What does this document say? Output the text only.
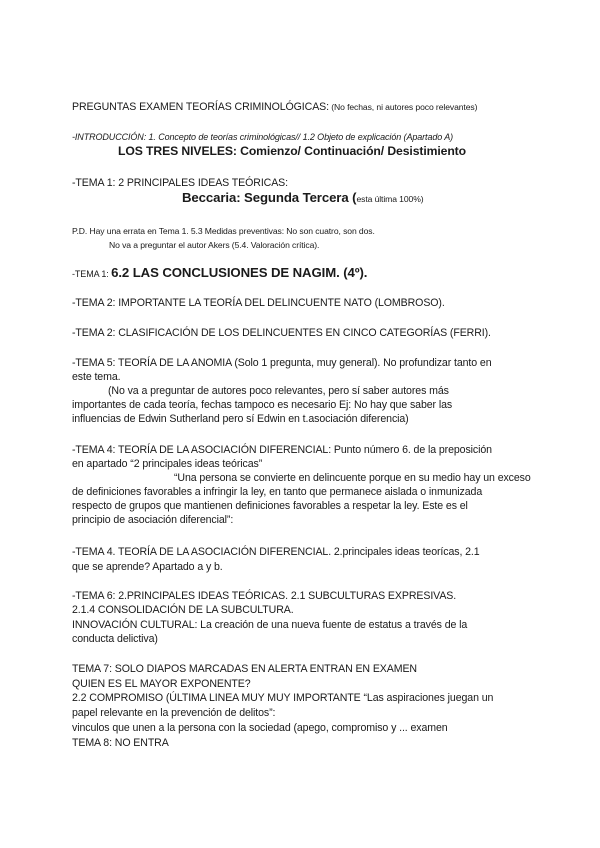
PREGUNTAS EXAMEN TEORÍAS CRIMINOLÓGICAS: (No fechas, ni autores poco relevantes)
-INTRODUCCIÓN: 1. Concepto de teorías criminológicas// 1.2 Objeto de explicación (Apartado A)
LOS TRES NIVELES: Comienzo/ Continuación/ Desistimiento
-TEMA 1: 2 PRINCIPALES IDEAS TEÓRICAS:
Beccaria: Segunda Tercera (esta última 100%)
P.D. Hay una errata en Tema 1. 5.3 Medidas preventivas: No son cuatro, son dos.
No va a preguntar el autor Akers (5.4. Valoración crítica).
-TEMA 1: 6.2 LAS CONCLUSIONES DE NAGIM. (4º).
-TEMA 2: IMPORTANTE LA TEORÍA DEL DELINCUENTE NATO (LOMBROSO).
-TEMA 2: CLASIFICACIÓN DE LOS DELINCUENTES EN CINCO CATEGORÍAS (FERRI).
-TEMA 5: TEORÍA DE LA ANOMIA (Solo 1 pregunta, muy general). No profundizar tanto en
este tema.
(No va a preguntar de autores poco relevantes, pero sí saber autores más
importantes de cada teoría, fechas tampoco es necesario Ej: No hay que saber las
influencias de Edwin Sutherland pero sí Edwin en t.asociación diferencia)
-TEMA 4: TEORÍA DE LA ASOCIACIÓN DIFERENCIAL: Punto número 6. de la preposición
en apartado “2 principales ideas teóricas”
“Una persona se convierte en delincuente porque en su medio hay un exceso
de definiciones favorables a infringir la ley, en tanto que permanece aislada o inmunizada
respecto de grupos que mantienen definiciones favorables a respetar la ley. Este es el
principio de asociación diferencial”:
-TEMA 4. TEORÍA DE LA ASOCIACIÓN DIFERENCIAL. 2.principales ideas teorícas, 2.1
que se aprende? Apartado a y b.
-TEMA 6: 2.PRINCIPALES IDEAS TEÓRICAS. 2.1 SUBCULTURAS EXPRESIVAS.
2.1.4 CONSOLIDACIÓN DE LA SUBCULTURA.
INNOVACIÓN CULTURAL: La creación de una nueva fuente de estatus a través de la
conducta delictiva)
TEMA 7: SOLO DIAPOS MARCADAS EN ALERTA ENTRAN EN EXAMEN
QUIEN ES EL MAYOR EXPONENTE?
2.2 COMPROMISO (ÚLTIMA LINEA MUY MUY IMPORTANTE “Las aspiraciones juegan un
papel relevante en la prevención de delitos”:
vinculos que unen a la persona con la sociedad (apego, compromiso y ... examen
TEMA 8: NO ENTRA
